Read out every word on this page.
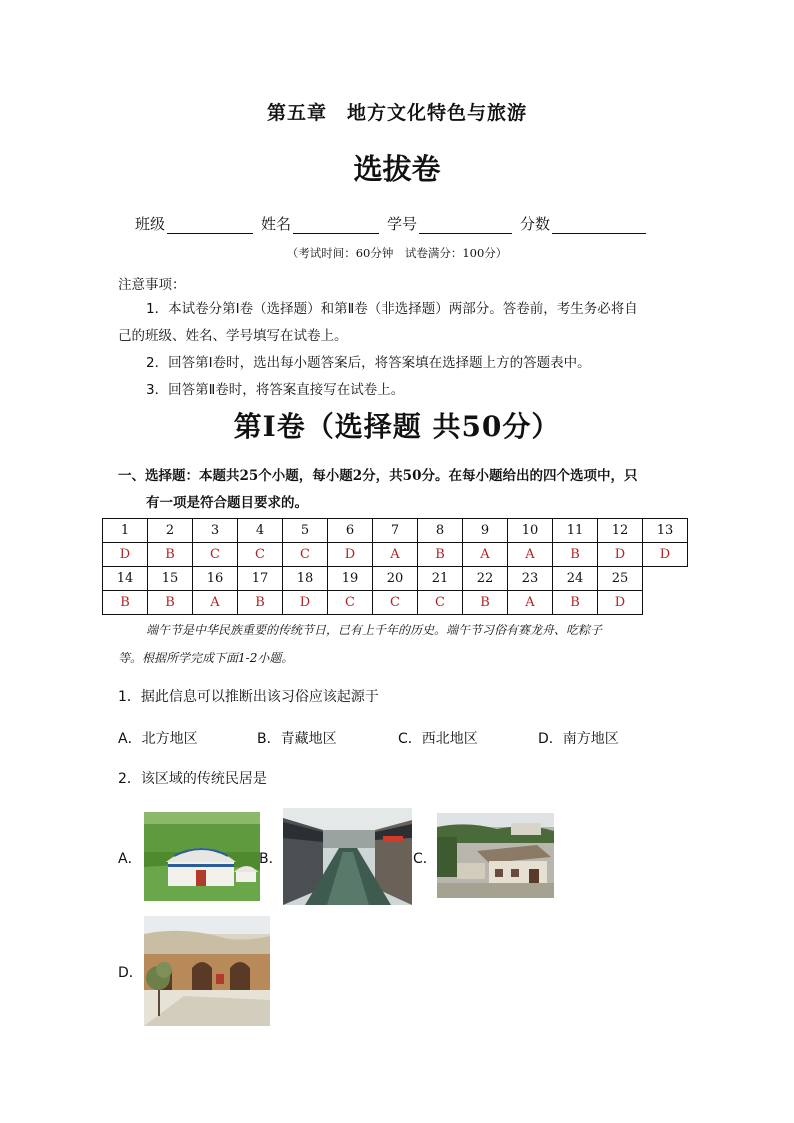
第五章　地方文化特色与旅游
选拔卷
班级	姓名	学号	分数
（考试时间：60分钟　试卷满分：100分）
注意事项：
1．本试卷分第Ⅰ卷（选择题）和第Ⅱ卷（非选择题）两部分。答卷前，考生务必将自
己的班级、姓名、学号填写在试卷上。
2．回答第Ⅰ卷时，选出每小题答案后，将答案填在选择题上方的答题表中。
3．回答第Ⅱ卷时，将答案直接写在试卷上。
第Ⅰ卷（选择题 共50分）
一、选择题：本题共25个小题，每小题2分，共50分。在每小题给出的四个选项中，只
有一项是符合题目要求的。
1	2	3	4	5	6	7	8	9	10	11	12	13
D	B	C	C	C	D	A	B	A	A	B	D	D
14	15	16	17	18	19	20	21	22	23	24	25	
B	B	A	B	D	C	C	C	B	A	B	D	
端午节是中华民族重要的传统节日，已有上千年的历史。端午节习俗有赛龙舟、吃粽子
等。根据所学完成下面1-2小题。
1．据此信息可以推断出该习俗应该起源于
A．北方地区	B．青藏地区	C．西北地区	D．南方地区
2．该区域的传统民居是
A．	B．	C．
D．
